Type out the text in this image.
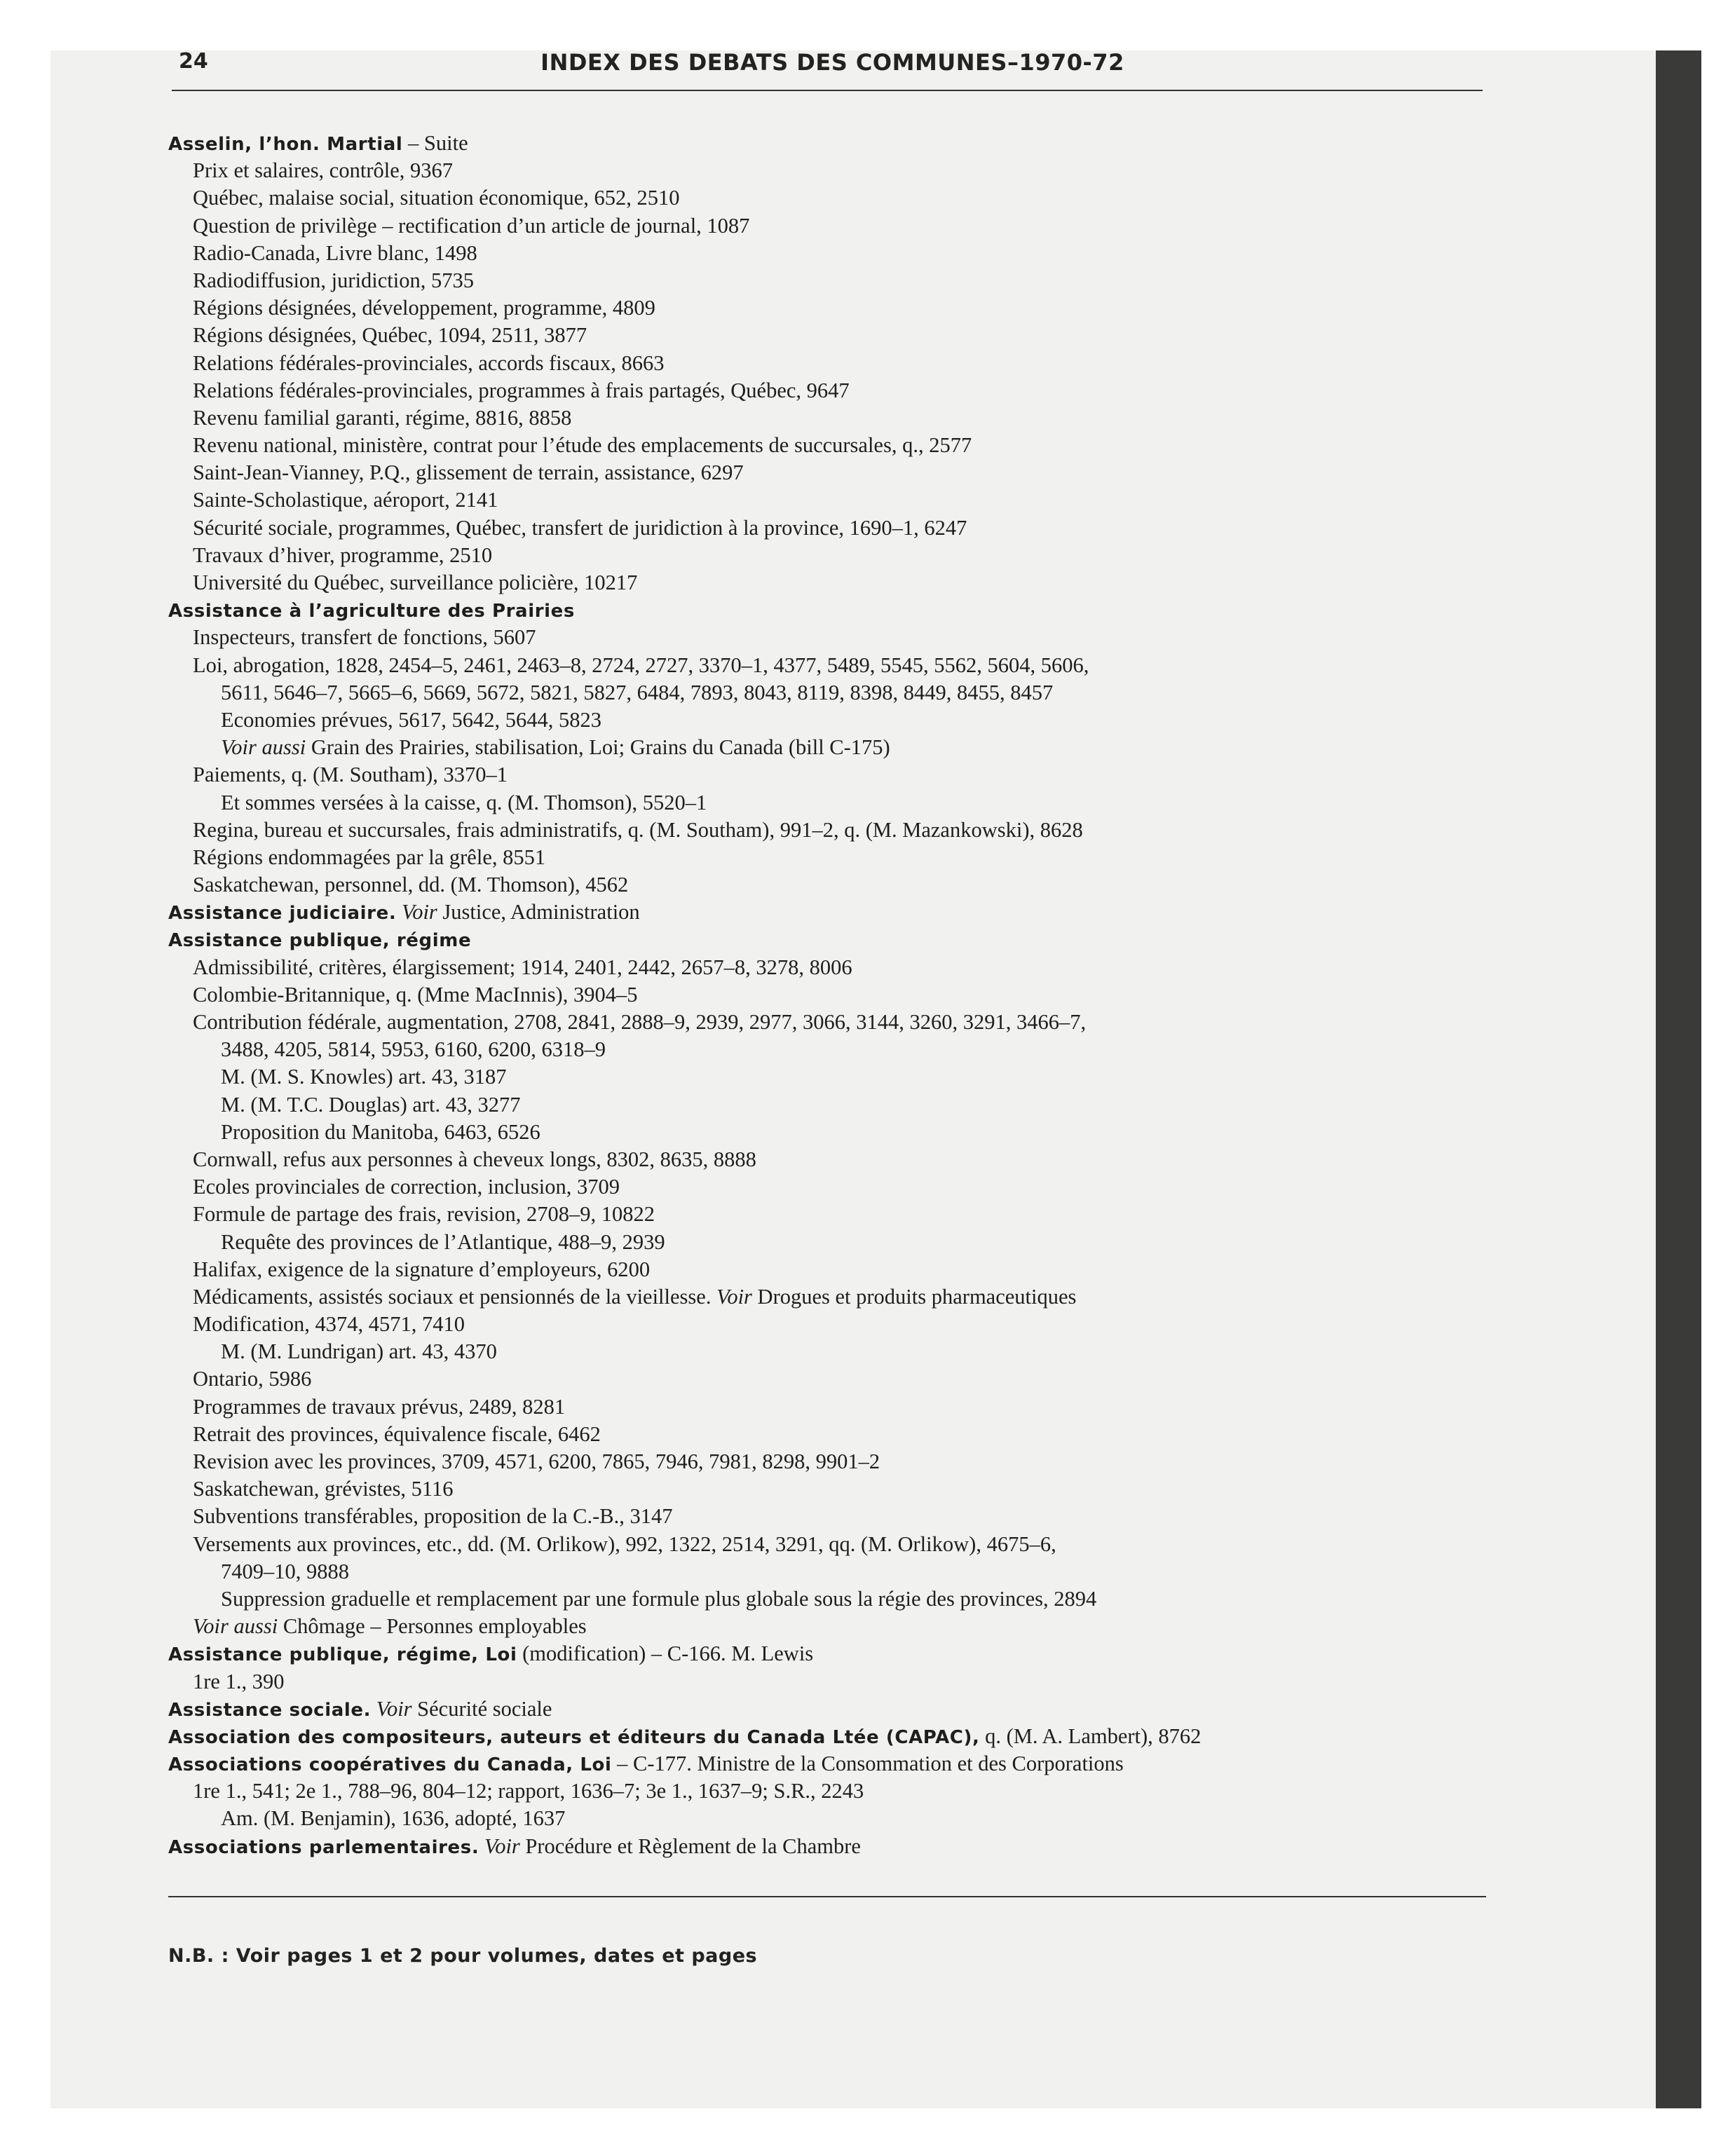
24	INDEX DES DEBATS DES COMMUNES–1970-72
Asselin, l’hon. Martial – Suite
Prix et salaires, contrôle, 9367
Québec, malaise social, situation économique, 652, 2510
Question de privilège – rectification d’un article de journal, 1087
Radio-Canada, Livre blanc, 1498
Radiodiffusion, juridiction, 5735
Régions désignées, développement, programme, 4809
Régions désignées, Québec, 1094, 2511, 3877
Relations fédérales-provinciales, accords fiscaux, 8663
Relations fédérales-provinciales, programmes à frais partagés, Québec, 9647
Revenu familial garanti, régime, 8816, 8858
Revenu national, ministère, contrat pour l’étude des emplacements de succursales, q., 2577
Saint-Jean-Vianney, P.Q., glissement de terrain, assistance, 6297
Sainte-Scholastique, aéroport, 2141
Sécurité sociale, programmes, Québec, transfert de juridiction à la province, 1690–1, 6247
Travaux d’hiver, programme, 2510
Université du Québec, surveillance policière, 10217
Assistance à l’agriculture des Prairies
Inspecteurs, transfert de fonctions, 5607
Loi, abrogation, 1828, 2454–5, 2461, 2463–8, 2724, 2727, 3370–1, 4377, 5489, 5545, 5562, 5604, 5606,
5611, 5646–7, 5665–6, 5669, 5672, 5821, 5827, 6484, 7893, 8043, 8119, 8398, 8449, 8455, 8457
Economies prévues, 5617, 5642, 5644, 5823
Voir aussi Grain des Prairies, stabilisation, Loi; Grains du Canada (bill C-175)
Paiements, q. (M. Southam), 3370–1
Et sommes versées à la caisse, q. (M. Thomson), 5520–1
Regina, bureau et succursales, frais administratifs, q. (M. Southam), 991–2, q. (M. Mazankowski), 8628
Régions endommagées par la grêle, 8551
Saskatchewan, personnel, dd. (M. Thomson), 4562
Assistance judiciaire. Voir Justice, Administration
Assistance publique, régime
Admissibilité, critères, élargissement; 1914, 2401, 2442, 2657–8, 3278, 8006
Colombie-Britannique, q. (Mme MacInnis), 3904–5
Contribution fédérale, augmentation, 2708, 2841, 2888–9, 2939, 2977, 3066, 3144, 3260, 3291, 3466–7,
3488, 4205, 5814, 5953, 6160, 6200, 6318–9
M. (M. S. Knowles) art. 43, 3187
M. (M. T.C. Douglas) art. 43, 3277
Proposition du Manitoba, 6463, 6526
Cornwall, refus aux personnes à cheveux longs, 8302, 8635, 8888
Ecoles provinciales de correction, inclusion, 3709
Formule de partage des frais, revision, 2708–9, 10822
Requête des provinces de l’Atlantique, 488–9, 2939
Halifax, exigence de la signature d’employeurs, 6200
Médicaments, assistés sociaux et pensionnés de la vieillesse. Voir Drogues et produits pharmaceutiques
Modification, 4374, 4571, 7410
M. (M. Lundrigan) art. 43, 4370
Ontario, 5986
Programmes de travaux prévus, 2489, 8281
Retrait des provinces, équivalence fiscale, 6462
Revision avec les provinces, 3709, 4571, 6200, 7865, 7946, 7981, 8298, 9901–2
Saskatchewan, grévistes, 5116
Subventions transférables, proposition de la C.-B., 3147
Versements aux provinces, etc., dd. (M. Orlikow), 992, 1322, 2514, 3291, qq. (M. Orlikow), 4675–6,
7409–10, 9888
Suppression graduelle et remplacement par une formule plus globale sous la régie des provinces, 2894
Voir aussi Chômage – Personnes employables
Assistance publique, régime, Loi (modification) – C-166. M. Lewis
1re 1., 390
Assistance sociale. Voir Sécurité sociale
Association des compositeurs, auteurs et éditeurs du Canada Ltée (CAPAC), q. (M. A. Lambert), 8762
Associations coopératives du Canada, Loi – C-177. Ministre de la Consommation et des Corporations
1re 1., 541; 2e 1., 788–96, 804–12; rapport, 1636–7; 3e 1., 1637–9; S.R., 2243
Am. (M. Benjamin), 1636, adopté, 1637
Associations parlementaires. Voir Procédure et Règlement de la Chambre
N.B. : Voir pages 1 et 2 pour volumes, dates et pages
